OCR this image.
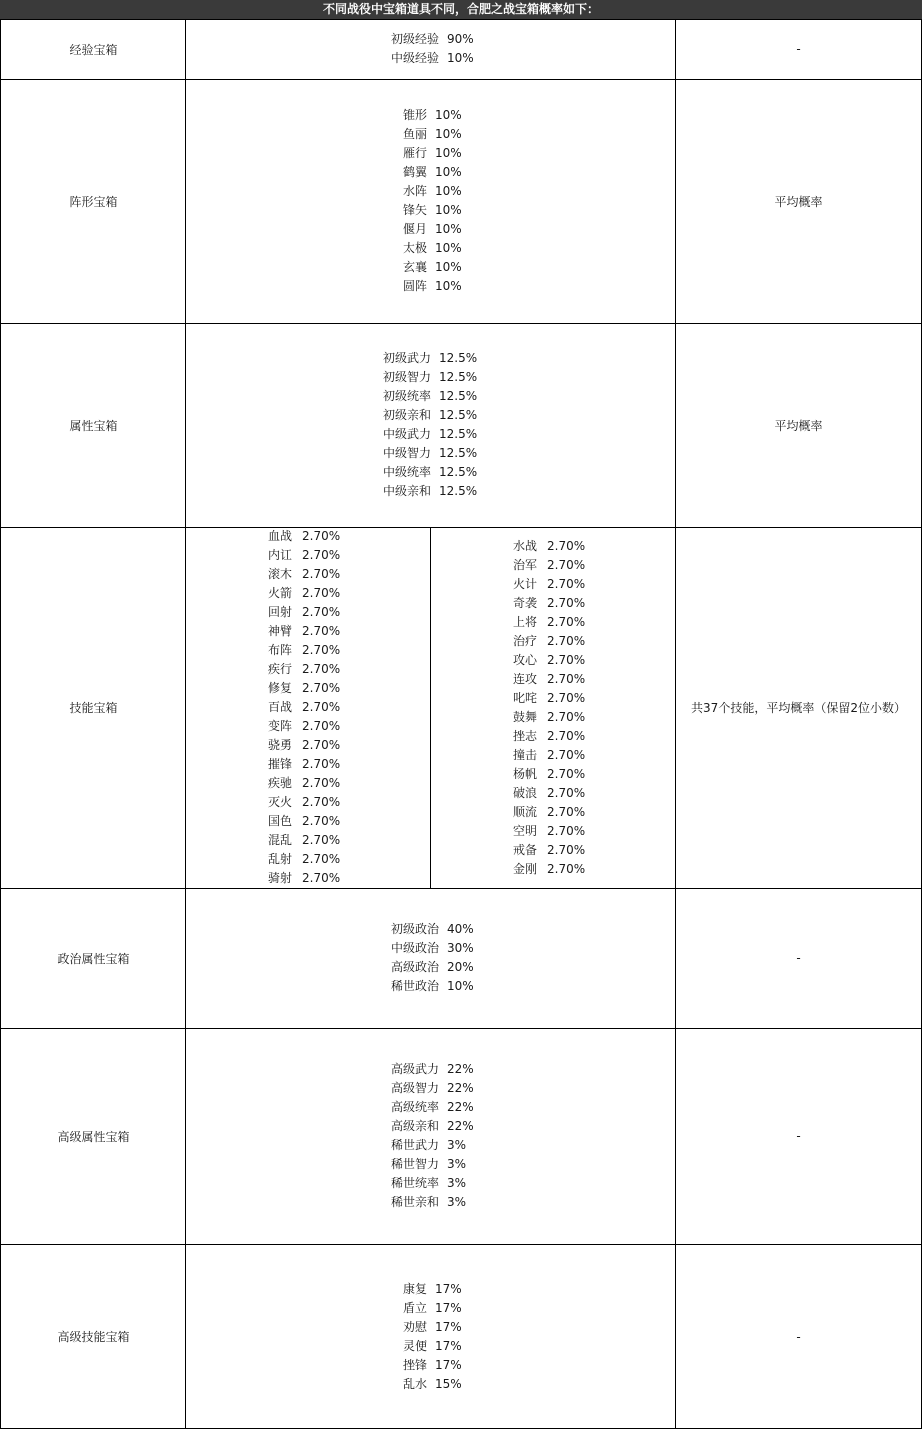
不同战役中宝箱道具不同，合肥之战宝箱概率如下：
经验宝箱
初级经验 90%
中级经验 10%
-
阵形宝箱
锥形 10%
鱼丽 10%
雁行 10%
鹤翼 10%
水阵 10%
锋矢 10%
偃月 10%
太极 10%
玄襄 10%
圆阵 10%
平均概率
属性宝箱
初级武力 12.5%
初级智力 12.5%
初级统率 12.5%
初级亲和 12.5%
中级武力 12.5%
中级智力 12.5%
中级统率 12.5%
中级亲和 12.5%
平均概率
技能宝箱
血战 2.70%
内讧 2.70%
滚木 2.70%
火箭 2.70%
回射 2.70%
神臂 2.70%
布阵 2.70%
疾行 2.70%
修复 2.70%
百战 2.70%
变阵 2.70%
骁勇 2.70%
摧锋 2.70%
疾驰 2.70%
灭火 2.70%
国色 2.70%
混乱 2.70%
乱射 2.70%
骑射 2.70%
水战 2.70%
治军 2.70%
火计 2.70%
奇袭 2.70%
上将 2.70%
治疗 2.70%
攻心 2.70%
连攻 2.70%
叱咤 2.70%
鼓舞 2.70%
挫志 2.70%
撞击 2.70%
杨帆 2.70%
破浪 2.70%
顺流 2.70%
空明 2.70%
戒备 2.70%
金刚 2.70%
共37个技能，平均概率（保留2位小数）
政治属性宝箱
初级政治 40%
中级政治 30%
高级政治 20%
稀世政治 10%
-
高级属性宝箱
高级武力 22%
高级智力 22%
高级统率 22%
高级亲和 22%
稀世武力 3%
稀世智力 3%
稀世统率 3%
稀世亲和 3%
-
高级技能宝箱
康复 17%
盾立 17%
劝慰 17%
灵便 17%
挫锋 17%
乱水 15%
-
